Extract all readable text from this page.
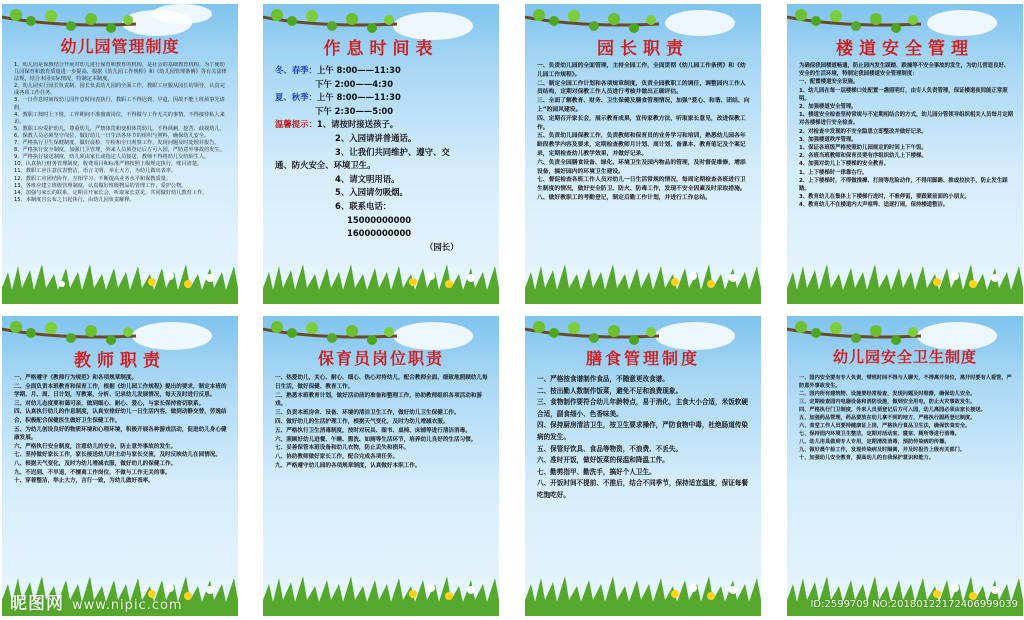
幼儿园管理制度

1、幼儿园是保教结合开展对幼儿进行保育和教育的机构，是社会的基础教育机构。为了使幼儿园保育和教育质量进一步提高，根据《幼儿园工作规程》和《幼儿园管理条例》等有关法律法规，结合本园实际情况，特制定本制度。

2、幼儿园实行园长负责制。园长负责幼儿园的全面工作，教职工应服从园长的领导，认真完成各项工作任务。

3、一日作息时间按幼儿园作息时间表执行，教职工不得迟到、早退，因故不能上班须事先请假。

4、教职工按时上下班，工作期间不准擅离岗位，不得做与工作无关的事情，不得接待私人来访。

5、教职工应爱护幼儿，尊重幼儿，严禁体罚和变相体罚幼儿，不得讽刺、挖苦、歧视幼儿。

6、保教人员必须坚守岗位，做好幼儿一日生活各环节的组织与照料，确保幼儿安全。

7、严格执行卫生保健制度，做好晨检、午检和全日观察工作，发现问题及时处理并报告。

8、严格执行安全制度，加强门卫管理，外来人员须登记后方可入园，严防意外事故的发生。

9、严格执行接送制度，幼儿须由家长或指定人员接送，教师不得将幼儿交给陌生人。

10、认真执行财务管理制度，收费项目和标准严格按照上级规定执行，账目清楚。

11、教职工应注意仪表整洁，语言文明，举止大方，为幼儿做出表率。

12、教职工应团结协作，互相学习，不断提高业务水平和保教质量。

13、各班应建立班级管理制度，认真做好班级物品的管理工作，爱护公物。

14、加强与家长的联系，定期召开家长会，听取家长意见，共同做好幼儿教育工作。

15、本制度自公布之日起执行，由幼儿园负责解释。

作息时间表

冬、春季：上午 8:00——11:30

下午 2:00——4:30

夏、秋季：上午 8:00——11:30

下午 2:30——5:00

温馨提示：1、请按时接送孩子。

2、入园请讲普通话。

3、让我们共同维护、遵守、交

通、防火安全、环境卫生。

4、请文明用语。

5、入园请勿吸烟。

6、联系电话：

15000000000

16000000000

（园长）

园长职责

一、负责幼儿园的全面管理，主持全园工作，全面贯彻《幼儿园工作条例》和《幼儿园工作规程》。

二、制定全园工作计划和各项规章制度，负责全园教职工的调任，调整园内工作人员结构，定期对保教工作人员进行考核并做出正确评估。

三、全面了解教育、财务、卫生保健及膳食管理情况，加强“爱心、和谐、团结、向上”的园风建设。

四、定期召开家长会，展示教育成果，宣传家教方法，听取家长意见，改进保教工作。

五、负责幼儿园保教工作，负责教师和保育员的业务学习和培训，熟悉幼儿园各年龄段教学内容及要求，定期检查教师月计划、周计划、备课本、教育笔记及个案记录，定期检查幼儿教学效果，并做好记录。

六、负责全园膳食设备、绿化、环境卫生及园内物品的管理，及时督促维修，增添设备，搞好园内的环境卫生建设。

七、督促检查各班工作人员对幼儿一日生活常规的情况，每周定期检查各班进行卫生制度的情况，做好安全防卫、防火、防毒工作，发现不安全因素及时采取措施。

八、做好教职工的考勤登记，制定后勤工作计划，并进行工作总结。

楼道安全管理

为确保我园楼道畅通，防止园内发生踩踏、跌撞等不安全事故的发生，为幼儿营造良好、安全的生活环境，特制定我园楼道安全管理制度：

一、配置楼道安全设施。

1、幼儿园在每一层楼梯口处配置一盏照明灯，由专人负责管理，保证楼道夜间能正常照明。

2、加强楼道安全管理。

1、楼道安全检查坚持常规与不定期相结合的方式，幼儿园分管领导组织相关人员每月定期对各楼梯进行安全检查。

2、对检查中发现的不安全隐患立即整改并做好记录。

3、加强楼道秩序管理。

1、保证各班级严格按照幼儿园规定的时间上下午饭。

2、各班当班教师和保育员要有序组织幼儿上下楼梯。

4、加强对幼儿上下楼梯的安全教育。

1、上下楼梯时一律靠右行。

2、上下楼梯时，不得做推搡、打闹等危险动作，不得用脚踢、推或拉扶手，防止发生踩踏。

3、教育幼儿在集体上下楼梯行进时，不准停留，要跟紧前面的小朋友。

4、教育幼儿不在楼道内大声喧哗、追逐打闹，保持楼道整洁。

教师职责

一、严格遵守《教师行为规范》和各项规章制度。

二、全面负责本班教育和保育工作，根据《幼儿园工作规程》提出的要求，制定本班的学期、月、周、日计划，写教案，分析、记录幼儿发展情况，每天及时进行反思。

三、对幼儿态度要和蔼可亲，做到细心、耐心、爱心，与家长保持密切联系。

四、认真执行幼儿的作息制度，认真安排好幼儿一日生活内容，做到动静交替，劳逸结合，积极配合保健医生做好卫生保健工作。

五、为幼儿创设良好的物质环境和心理环境，积极开展各种游戏活动，促进幼儿身心健康发展。

六、严格执行安全制度，注意幼儿的安全，防止意外事故的发生。

七、坚持做好家长工作，家长接送幼儿时主动与家长交流，及时反映幼儿在园情况。

八、根据天气变化，及时为幼儿增减衣服，做好幼儿的保健工作。

九、不迟到、不早退，不擅离工作岗位，不做与工作无关的事。

十、穿着整洁，举止大方，言行一致，为幼儿做好表率。

保育员岗位职责

一、热爱幼儿，关心、耐心、细心、热心对待幼儿，配合教师全面、细致地照顾幼儿每日生活，做好保健、教育工作。

二、熟悉本班教育计划，做好活动前的准备和整理工作，协助教师组织各项活动和游戏。

三、负责本班房舍、设备、环境的清洁卫生工作，做好幼儿卫生保健工作。

四、做好幼儿的生活护理工作，根据天气变化，及时为幼儿增减衣服。

五、严格执行卫生消毒制度，按时对玩具、图书、桌椅、床铺等进行清洁消毒。

六、照顾好幼儿进餐、午睡、盥洗、如厕等生活环节，培养幼儿良好的生活习惯。

七、妥善保管本班设备和幼儿衣物，防止丢失和损坏。

八、协助教师做好家长工作，配合完成各项任务。

九、严格遵守幼儿园的各项规章制度，认真做好本职工作。

膳食管理制度

一、严格按食谱制作食品，不随意更改食谱。

二、按出勤人数制作饭菜，避免不足和浪费现象。

三、食物制作要符合幼儿年龄特点，易于消化，主食大小合适，米饭软硬合适，副食细小、色香味美。

四、保持厨房清洁卫生，按卫生要求操作，严防食物中毒，杜绝肠道传染病的发生。

五、保管好饮具、食品等物资，不浪费、不丢失。

六、准时开饭，做好饭菜的保温和降温工作。

七、勤剪指甲、勤洗手，搞好个人卫生。

八、开饭时间不提前、不推后，结合不同季节，保持适宜温度，保证每餐吃饱吃好。

幼儿园安全卫生制度

一、园内安全要有专人负责，带班时间不得与人聊天，不得离开岗位，离开时要有人看管，严防意外事故发生。

二、园内所有建筑物、设施要经常检查，发现问题及时维修，确保幼儿安全。

三、定期检查园内电器设备和消防设施，做到安全用电，防止火灾事故发生。

四、严格执行门卫制度，外来人员须登记后方可入园，幼儿离园必须由家长接送。

五、加强药品管理，药品要放在幼儿拿不到的地方，严格执行服药登记制度。

六、食堂工作人员要持健康证上岗，严格执行食品卫生法，确保饮食安全。

七、保持园内环境卫生整洁，定期对活动室、寝室、厕所等进行消毒。

八、幼儿用具做到专人专用，定期清洗消毒，预防传染病的传播。

九、做好晨午检工作，发现传染病及时隔离，并及时报告上级有关部门。

十、加强幼儿安全教育，提高幼儿的自我保护意识和能力。

昵图网 www.nipic.com	ID:2599709 NO:20180122172406999039
